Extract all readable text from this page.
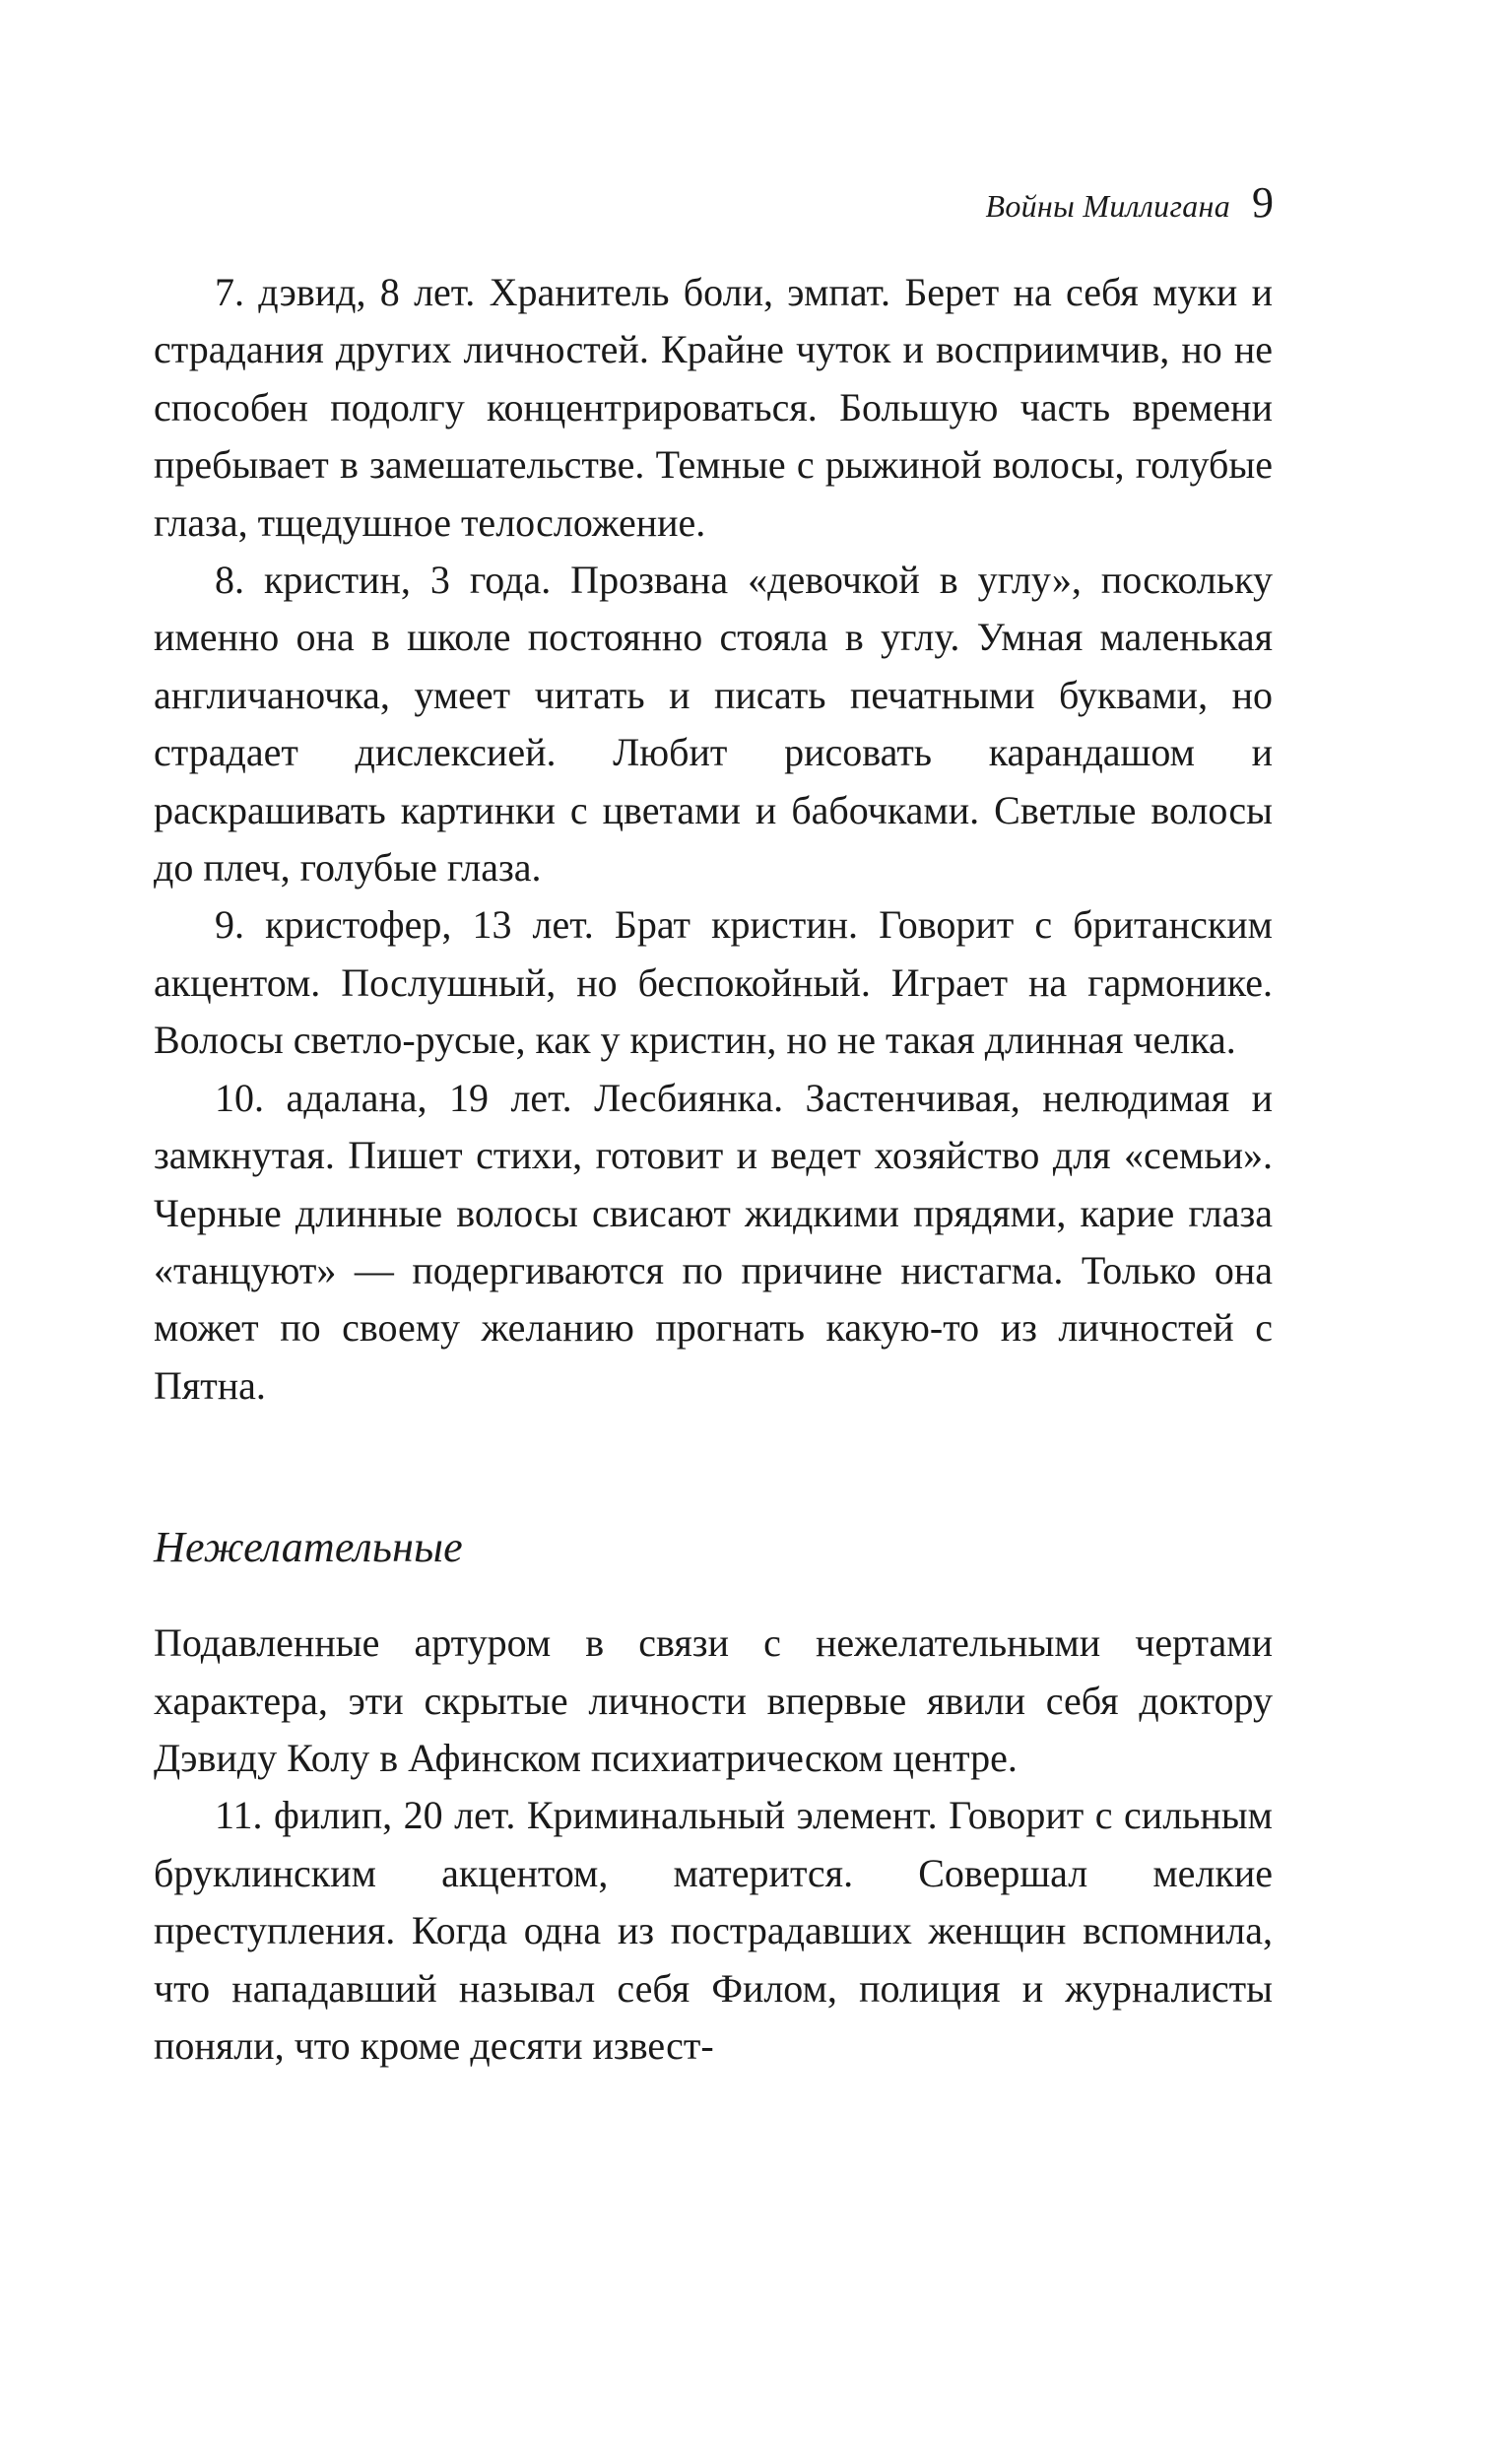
Войны Миллигана 9

7. дэвид, 8 лет. Хранитель боли, эмпат. Берет на себя муки и страдания других личностей. Крайне чуток и восприимчив, но не способен подолгу концентрироваться. Большую часть времени пребывает в замешательстве. Темные с рыжиной волосы, голубые глаза, тщедушное телосложение.

8. кристин, 3 года. Прозвана «девочкой в углу», поскольку именно она в школе постоянно стояла в углу. Умная маленькая англичаночка, умеет читать и писать печатными буквами, но страдает дислексией. Любит рисовать карандашом и раскрашивать картинки с цветами и бабочками. Светлые волосы до плеч, голубые глаза.

9. кристофер, 13 лет. Брат кристин. Говорит с британским акцентом. Послушный, но беспокойный. Играет на гармонике. Волосы светло-русые, как у кристин, но не такая длинная челка.

10. адалана, 19 лет. Лесбиянка. Застенчивая, нелюдимая и замкнутая. Пишет стихи, готовит и ведет хозяйство для «семьи». Черные длинные волосы свисают жидкими прядями, карие глаза «танцуют» — подергиваются по причине нистагма. Только она может по своему желанию прогнать какую-то из личностей с Пятна.

Нежелательные

Подавленные артуром в связи с нежелательными чертами характера, эти скрытые личности впервые явили себя доктору Дэвиду Колу в Афинском психиатрическом центре.

11. филип, 20 лет. Криминальный элемент. Говорит с сильным бруклинским акцентом, матерится. Совершал мелкие преступления. Когда одна из пострадавших женщин вспомнила, что нападавший называл себя Филом, полиция и журналисты поняли, что кроме десяти извест-
